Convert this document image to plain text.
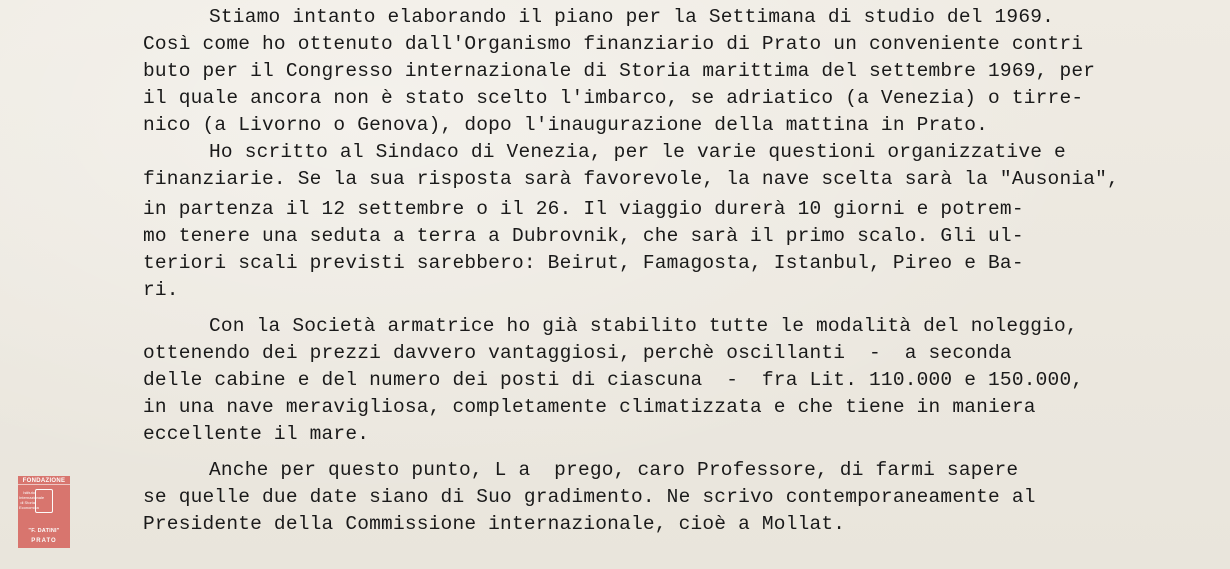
Stiamo intanto elaborando il piano per la Settimana di studio del 1969.
Così come ho ottenuto dall'Organismo finanziario di Prato un conveniente contri
buto per il Congresso internazionale di Storia marittima del settembre 1969, per
il quale ancora non è stato scelto l'imbarco, se adriatico (a Venezia) o tirre-
nico (a Livorno o Genova), dopo l'inaugurazione della mattina in Prato.
Ho scritto al Sindaco di Venezia, per le varie questioni organizzative e
finanziarie. Se la sua risposta sarà favorevole, la nave scelta sarà la "Ausonia",
in partenza il 12 settembre o il 26. Il viaggio durerà 10 giorni e potrem-
mo tenere una seduta a terra a Dubrovnik, che sarà il primo scalo. Gli ul-
teriori scali previsti sarebbero: Beirut, Famagosta, Istanbul, Pireo e Ba-
ri.
Con la Società armatrice ho già stabilito tutte le modalità del noleggio,
ottenendo dei prezzi davvero vantaggiosi, perchè oscillanti  -  a seconda
delle cabine e del numero dei posti di ciascuna  -  fra Lit. 110.000 e 150.000,
in una nave meravigliosa, completamente climatizzata e che tiene in maniera
eccellente il mare.
Anche per questo punto, L a  prego, caro Professore, di farmi sapere
se quelle due date siano di Suo gradimento. Ne scrivo contemporaneamente al
Presidente della Commissione internazionale, cioè a Mollat.
FONDAZIONE
Istituto Internazionale di Storia Economica
"F. DATINI"
PRATO
